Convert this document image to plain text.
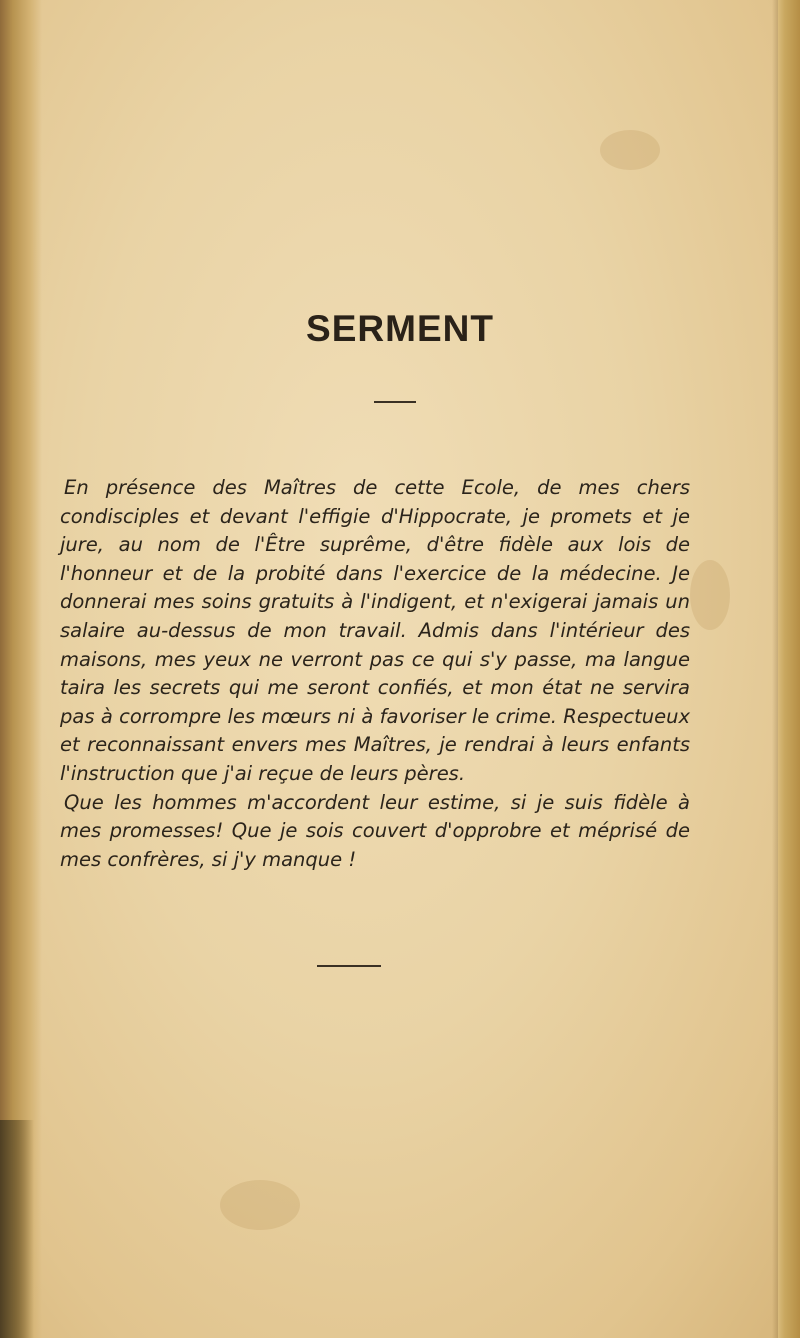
SERMENT

En présence des Maîtres de cette Ecole, de mes chers condisciples et devant l'effigie d'Hippocrate, je promets et je jure, au nom de l'Être suprême, d'être fidèle aux lois de l'honneur et de la probité dans l'exercice de la médecine. Je donnerai mes soins gratuits à l'indigent, et n'exigerai jamais un salaire au-dessus de mon travail. Admis dans l'intérieur des maisons, mes yeux ne verront pas ce qui s'y passe, ma langue taira les secrets qui me seront confiés, et mon état ne servira pas à corrompre les mœurs ni à favoriser le crime. Respectueux et reconnaissant envers mes Maîtres, je rendrai à leurs enfants l'instruction que j'ai reçue de leurs pères.

Que les hommes m'accordent leur estime, si je suis fidèle à mes promesses! Que je sois couvert d'opprobre et méprisé de mes confrères, si j'y manque !
